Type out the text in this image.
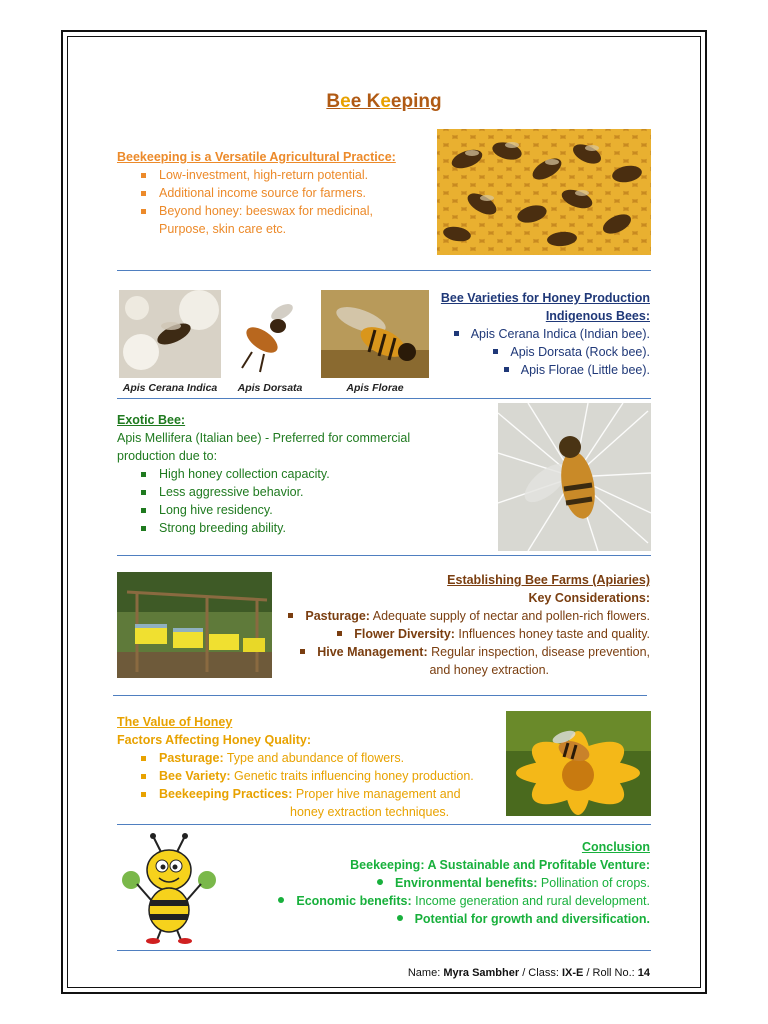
Bee Keeping

Beekeeping is a Versatile Agricultural Practice:

Low-investment, high-return potential.
Additional income source for farmers.
Beyond honey: beeswax for medicinal,
Purpose, skin care etc.
Apis Cerana Indica	Apis Dorsata	Apis Florae

Bee Varieties for Honey Production

Indigenous Bees:

Apis Cerana Indica (Indian bee).
Apis Dorsata (Rock bee).
Apis Florae (Little bee).

Exotic Bee:

Apis Mellifera (Italian bee) - Preferred for commercial
production due to:
High honey collection capacity.
Less aggressive behavior.
Long hive residency.
Strong breeding ability.

Establishing Bee Farms (Apiaries)

Key Considerations:

Pasturage: Adequate supply of nectar and pollen-rich flowers.
Flower Diversity: Influences honey taste and quality.
Hive Management: Regular inspection, disease prevention,
and honey extraction.

The Value of Honey

Factors Affecting Honey Quality:

Pasturage: Type and abundance of flowers.
Bee Variety: Genetic traits influencing honey production.
Beekeeping Practices: Proper hive management and
honey extraction techniques.

Conclusion

Beekeeping: A Sustainable and Profitable Venture:

Environmental benefits: Pollination of crops.
Economic benefits: Income generation and rural development.
Potential for growth and diversification.
Name: Myra Sambher / Class: IX-E / Roll No.: 14
